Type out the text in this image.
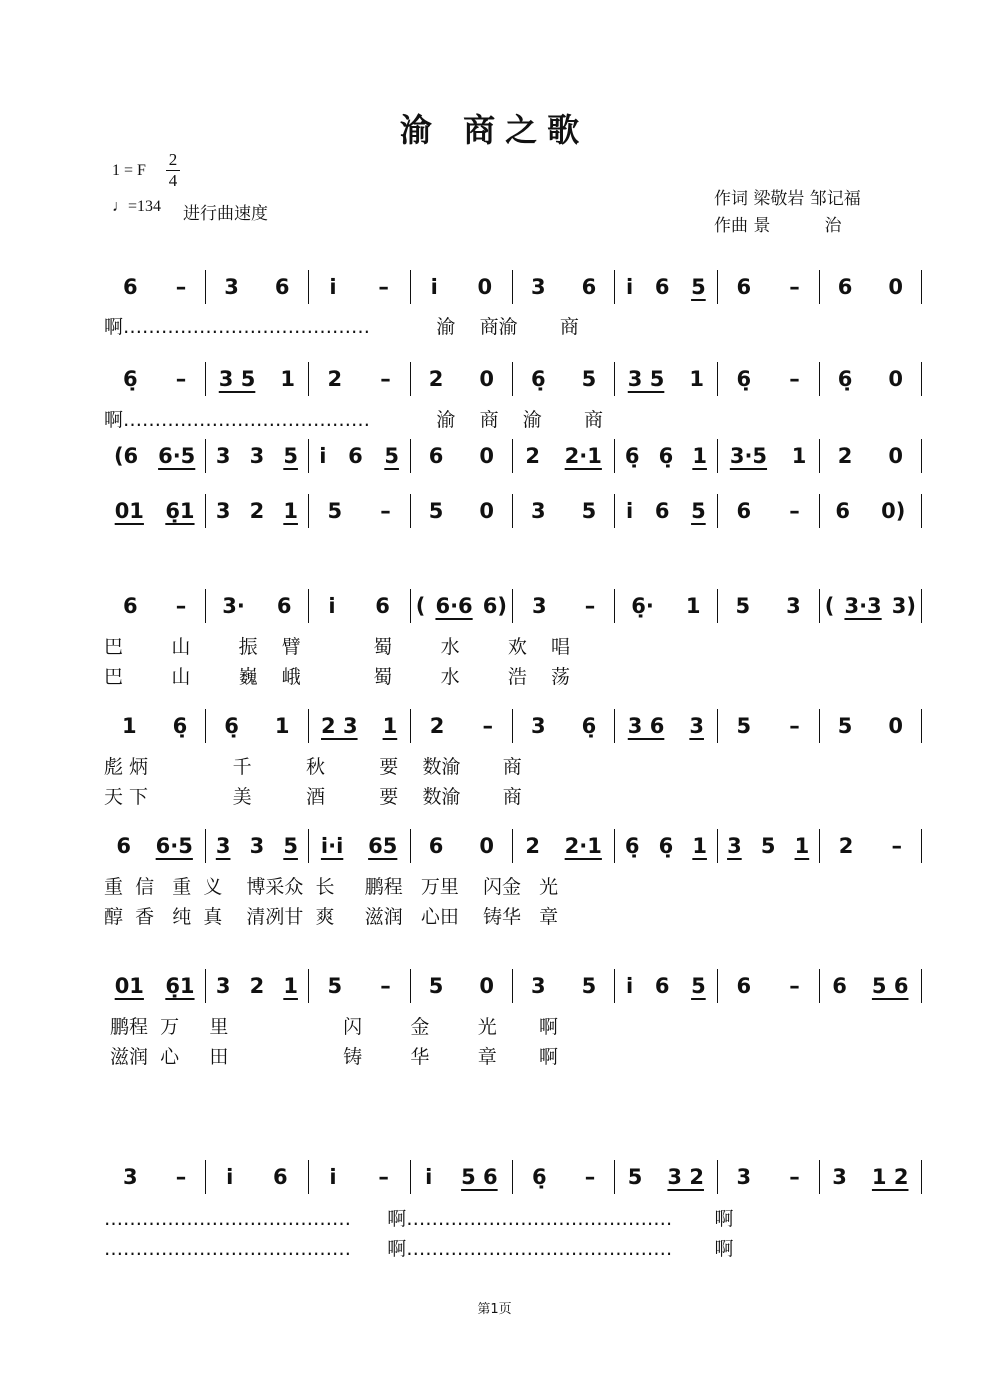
渝 商之歌
1 = F
2
4
♩=134 进行曲速度
作词 梁敬岩 邹记福
作曲 景          治
6 – 3 6 i̇ – i̇ 0 3 6 i̇ 6 5 6 – 6 0
啊…………………………………           渝    商渝       商
6̣ – 3 5 1 2 – 2 0 6̣ 5 3 5 1 6̣ – 6̣ 0
啊…………………………………           渝    商    渝       商
(6 6·5 3 3 5 i̇ 6 5 6 0 2 2·1 6̣ 6̣ 1 3·5 1 2 0
01 6̣1 3 2 1 5 – 5 0 3 5 i̇ 6 5 6 – 6 0)
6 – 3· 6 i̇ 6 ( 6·6 6) 3 – 6̣· 1 5 3 ( 3·3 3)
巴        山        振    臂            蜀        水        欢    唱
巴        山        巍    峨            蜀        水        浩    荡
1 6̣ 6̣ 1 2 3 1 2 – 3 6̣ 3 6 3 5 – 5 0
彪 炳              千         秋         要    数渝       商
天 下              美         酒         要    数渝       商
6 6·5 3 3 5 i̇·i̇ 65 6 0 2 2·1 6̣ 6̣ 1 3 5 1 2 –
重  信   重  义    博采众  长     鹏程   万里    闪金   光
醇  香   纯  真    清冽甘  爽     滋润   心田    铸华   章
01 6̣1 3 2 1 5 – 5 0 3 5 i̇ 6 5 6 – 6 5 6
鹏程  万     里                   闪        金        光       啊
滋润  心     田                   铸        华        章       啊
3 – i̇ 6 i̇ – i̇ 5 6 6̣ – 5 3 2 3 – 3 1 2
…………………………………      啊……………………………………       啊
…………………………………      啊……………………………………       啊
第1页
